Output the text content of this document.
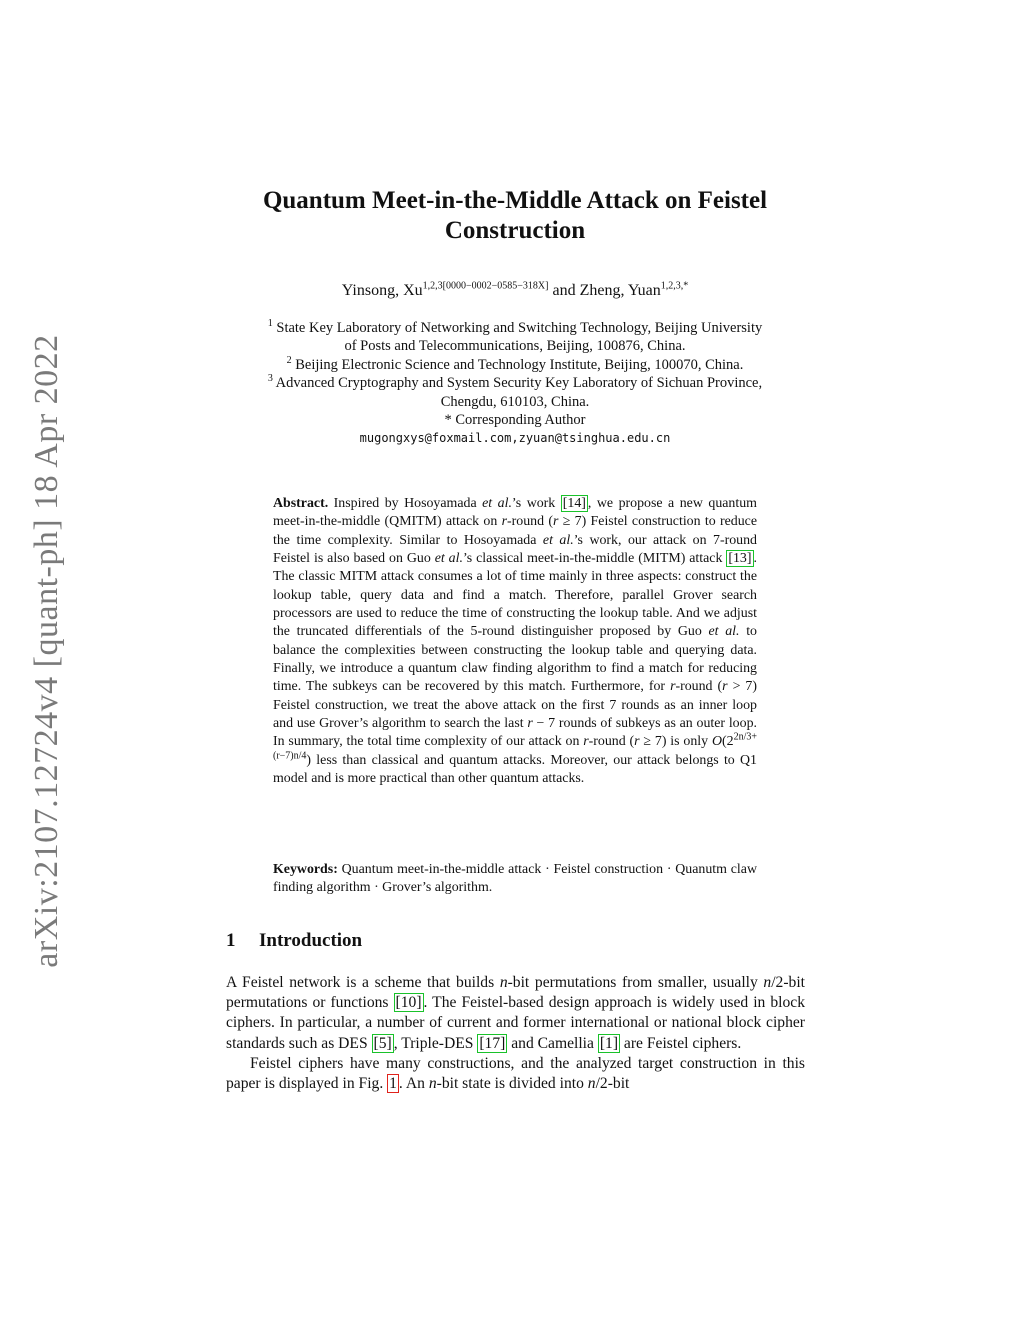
arXiv:2107.12724v4 [quant-ph] 18 Apr 2022
Quantum Meet-in-the-Middle Attack on Feistel
Construction
Yinsong, $Xu^{1,2,3[0000-0002-0585-318X]}$ and Zheng, Yuan$^{1,2,3,*}$
$^1$ State Key Laboratory of Networking and Switching Technology, Beijing University
of Posts and Telecommunications, Beijing, 100876, China.
$^2$ Beijing Electronic Science and Technology Institute, Beijing, 100070, China.
$^3$ Advanced Cryptography and System Security Key Laboratory of Sichuan Province,
Chengdu, 610103, China.
* Corresponding Author
mugongxys@foxmail.com,zyuan@tsinghua.edu.cn

Abstract. Inspired by Hosoyamada et al.’s work [14] , we propose a new quantum meet-in-the-middle (QMITM) attack on r-round (r ≥ 7) Feistel construction to reduce the time complexity. Similar to Hosoyamada et al.’s work, our attack on 7-round Feistel is also based on Guo et al.’s classical meet-in-the-middle (MITM) attack [13] . The classic MITM attack consumes a lot of time mainly in three aspects: construct the lookup table, query data and find a match. Therefore, parallel Grover search processors are used to reduce the time of constructing the lookup table. And we adjust the truncated differentials of the 5-round distinguisher proposed by Guo et al. to balance the complexities between constructing the lookup table and querying data. Finally, we introduce a quantum claw finding algorithm to find a match for reducing time. The subkeys can be recovered by this match. Furthermore, for r-round (r > 7) Feistel construction, we treat the above attack on the first 7 rounds as an inner loop and use Grover’s algorithm to search the last r − 7 rounds of subkeys as an outer loop. In summary, the total time complexity of our attack on r-round (r ≥ 7) is only $O(2^{2n/3+(r-7)n/4})$ less than classical and quantum attacks. Moreover, our attack belongs to Q1 model and is more practical than other quantum attacks.

Keywords: Quantum meet-in-the-middle attack · Feistel construction · Quanutm claw finding algorithm · Grover’s algorithm.

1 Introduction

A Feistel network is a scheme that builds n-bit permutations from smaller, usually n/2-bit permutations or functions [10] . The Feistel-based design approach is widely used in block ciphers. In particular, a number of current and former international or national block cipher standards such as DES [5] , Triple-DES [17] and Camellia [1] are Feistel ciphers.

Feistel ciphers have many constructions, and the analyzed target construction in this paper is displayed in Fig. 1 . An n-bit state is divided into n/2-bit
